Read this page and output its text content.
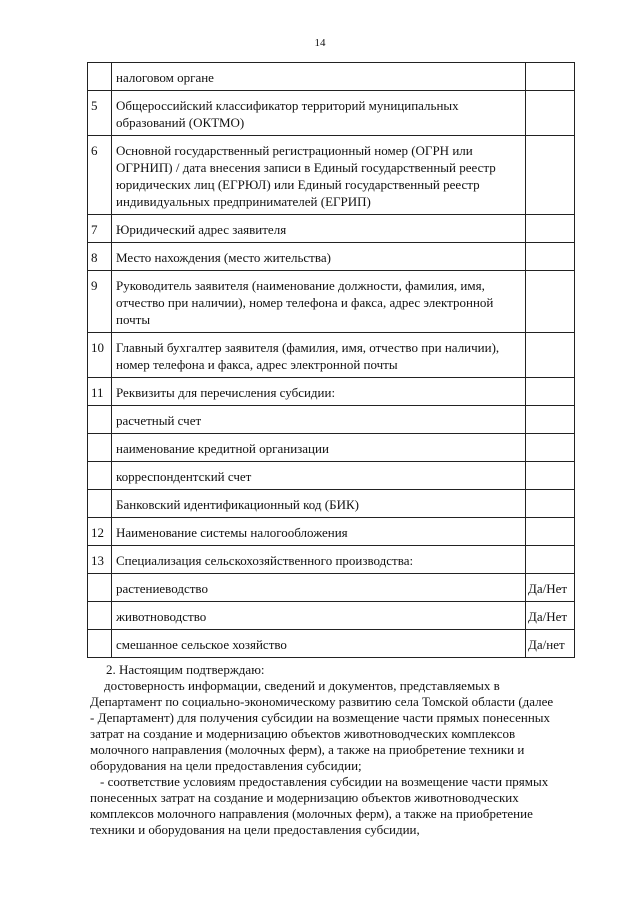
14
	налоговом органе	
5	Общероссийский классификатор территорий муниципальных образований (ОКТМО)	
6	Основной государственный регистрационный номер (ОГРН или ОГРНИП) / дата внесения записи в Единый государственный реестр юридических лиц (ЕГРЮЛ) или Единый государственный реестр индивидуальных предпринимателей (ЕГРИП)	
7	Юридический адрес заявителя	
8	Место нахождения (место жительства)	
9	Руководитель заявителя (наименование должности, фамилия, имя, отчество при наличии), номер телефона и факса, адрес электронной почты	
10	Главный бухгалтер заявителя (фамилия, имя, отчество при наличии), номер телефона и факса, адрес электронной почты	
11	Реквизиты для перечисления субсидии:	
	расчетный счет	
	наименование кредитной организации	
	корреспондентский счет	
	Банковский идентификационный код (БИК)	
12	Наименование системы налогообложения	
13	Специализация сельскохозяйственного производства:	
	растениеводство	Да/Нет
	животноводство	Да/Нет
	смешанное сельское хозяйство	Да/нет
2. Настоящим подтверждаю:
достоверность информации, сведений и документов, представляемых в Департамент по социально-экономическому развитию села Томской области (далее - Департамент) для получения субсидии на возмещение части прямых понесенных затрат на создание и модернизацию объектов животноводческих комплексов молочного направления (молочных ферм), а также на приобретение техники и оборудования на цели предоставления субсидии;
- соответствие условиям предоставления субсидии на возмещение части прямых понесенных затрат на создание и модернизацию объектов животноводческих комплексов молочного направления (молочных ферм), а также на приобретение техники и оборудования на цели предоставления субсидии,
